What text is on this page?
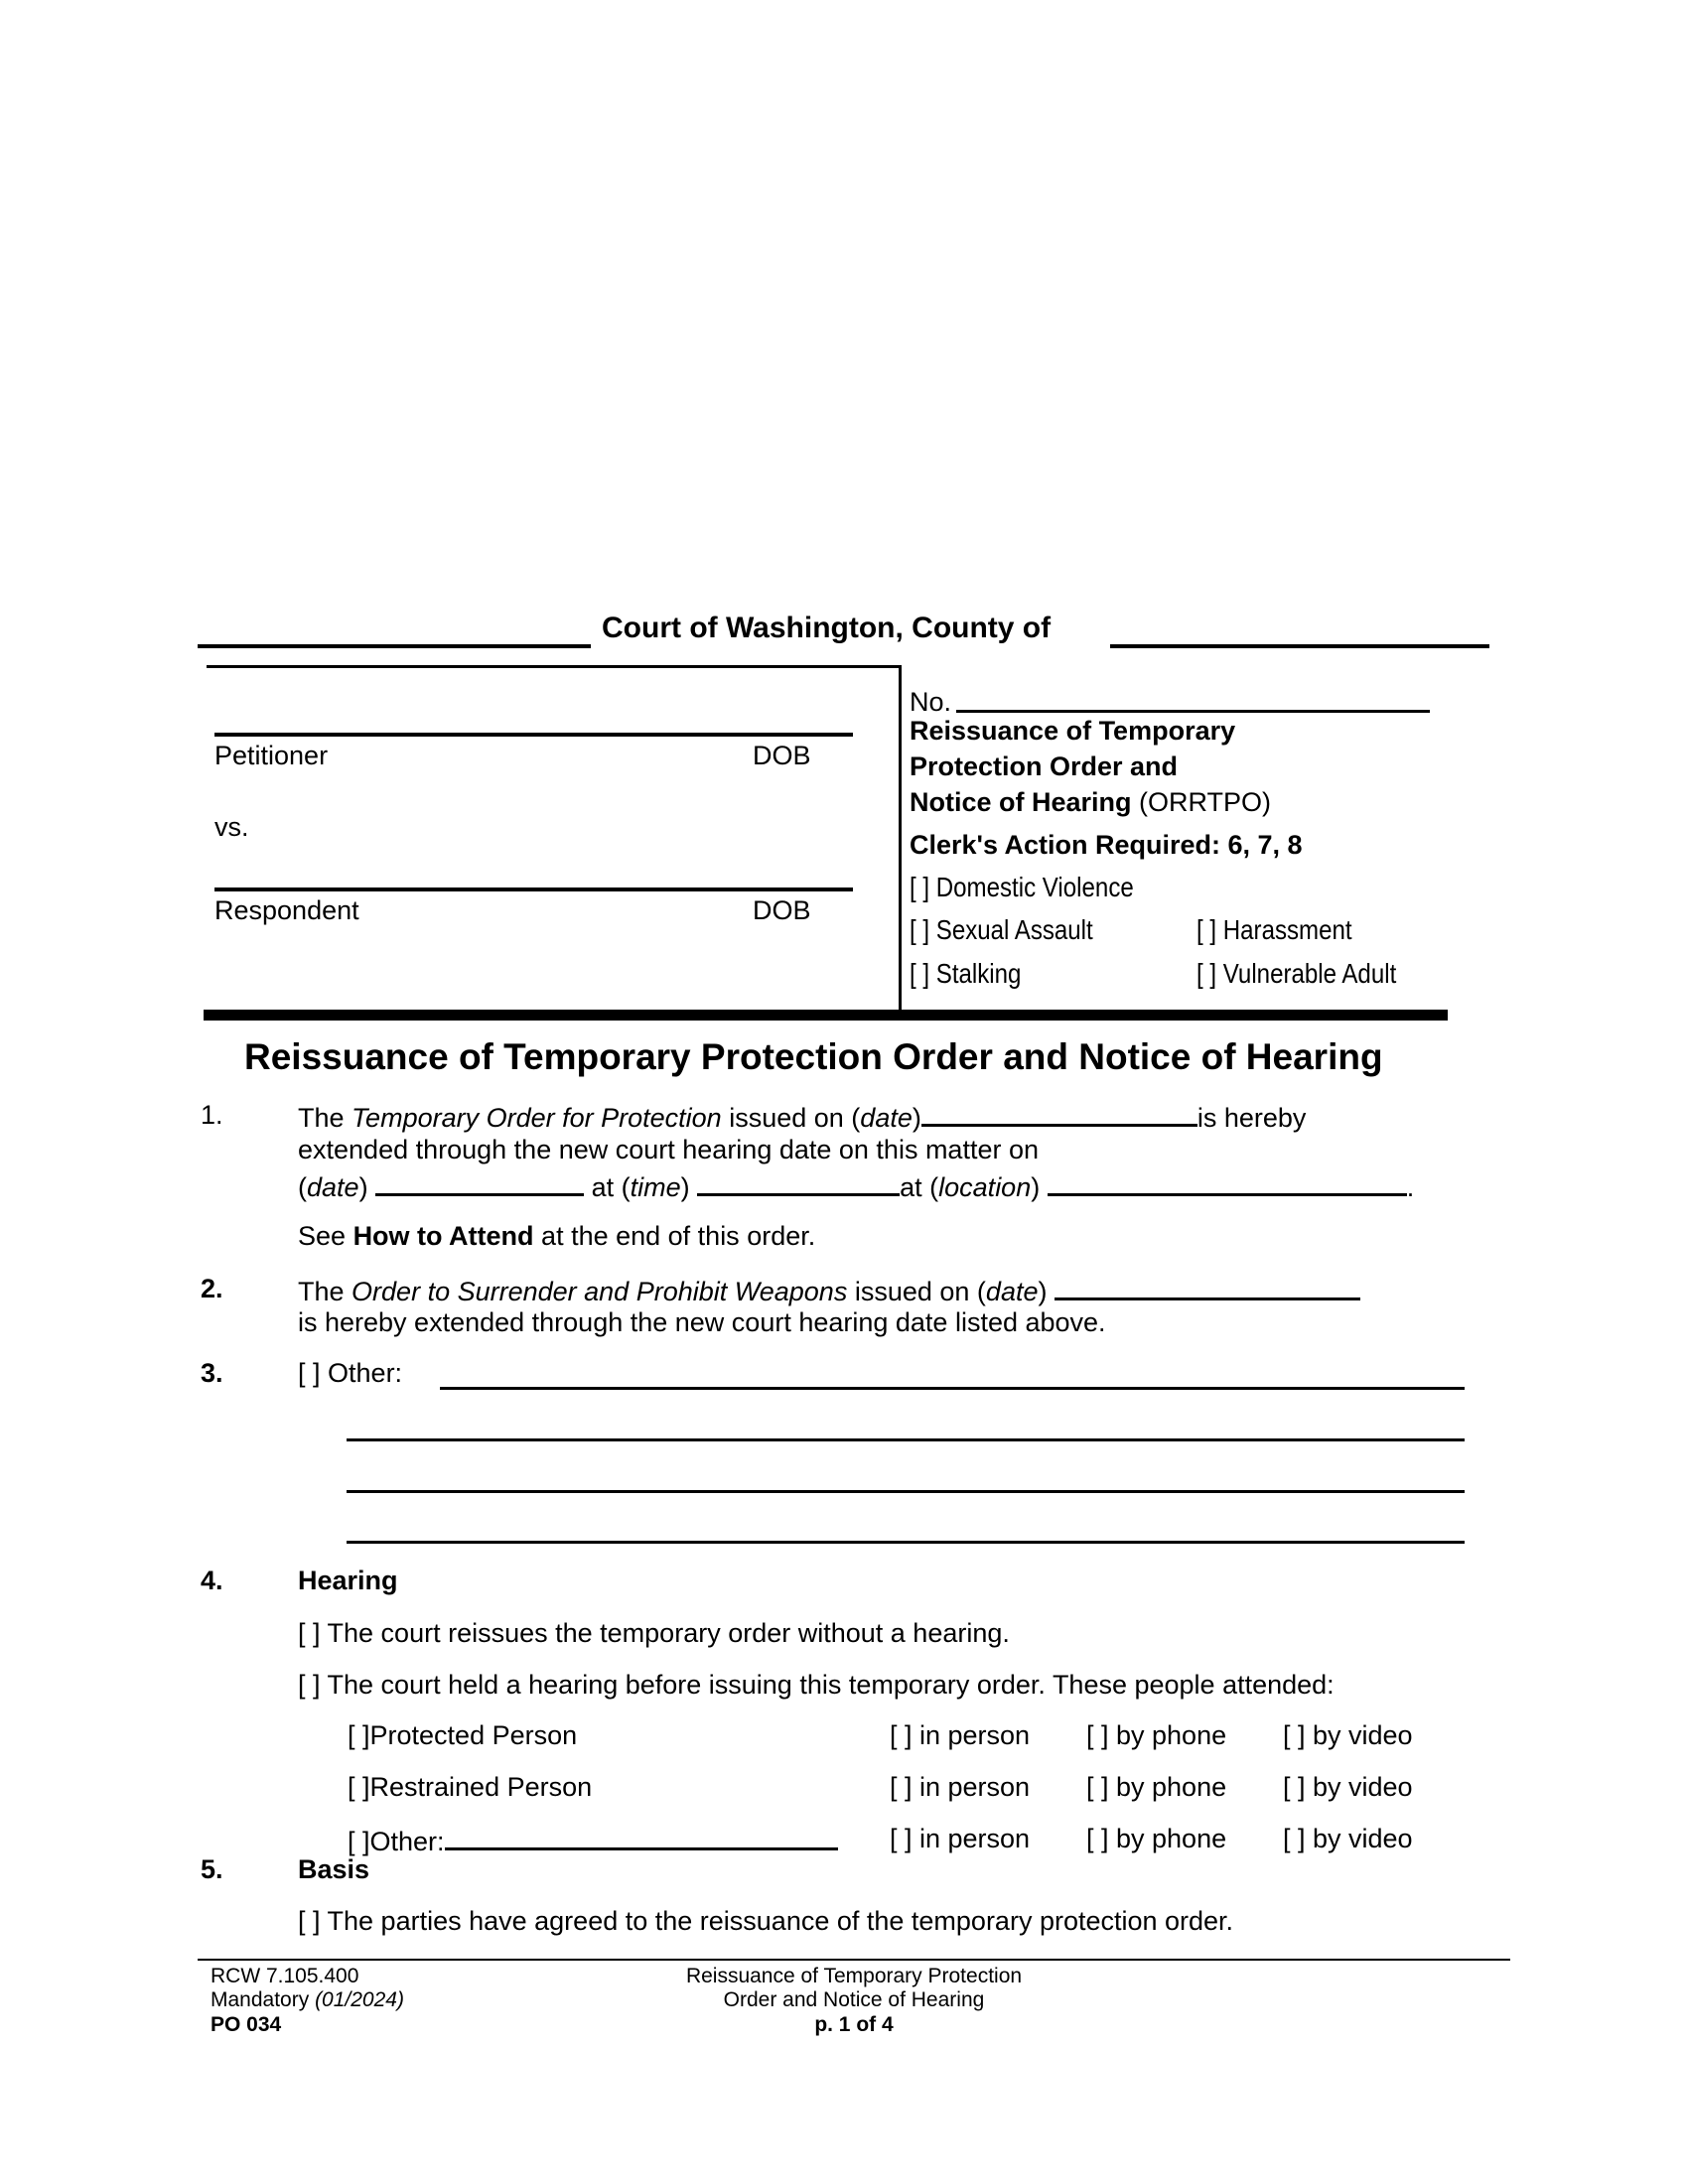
Court of Washington, County of
Petitioner	DOB
vs.
Respondent	DOB
No.
Reissuance of Temporary
Protection Order and
Notice of Hearing (ORRTPO)
Clerk's Action Required: 6, 7, 8
[ ] Domestic Violence
[ ] Sexual Assault	[ ] Harassment
[ ] Stalking	[ ] Vulnerable Adult
Reissuance of Temporary Protection Order and Notice of Hearing
1.	The Temporary Order for Protection issued on (date)	is hereby
extended through the new court hearing date on this matter on
(date)	at (time)	at (location)	.
See How to Attend at the end of this order.
2.	The Order to Surrender and Prohibit Weapons issued on (date)
is hereby extended through the new court hearing date listed above.
3.	[ ] Other:
4.	Hearing
[ ] The court reissues the temporary order without a hearing.
[ ] The court held a hearing before issuing this temporary order. These people attended:
[ ]Protected Person	[ ] in person [ ] by phone [ ] by video
[ ]Restrained Person	[ ] in person [ ] by phone [ ] by video
[ ]Other:	[ ] in person [ ] by phone [ ] by video
5.	Basis
[ ] The parties have agreed to the reissuance of the temporary protection order.
RCW 7.105.400
Mandatory (01/2024)
PO 034
Reissuance of Temporary Protection
Order and Notice of Hearing
p. 1 of 4
